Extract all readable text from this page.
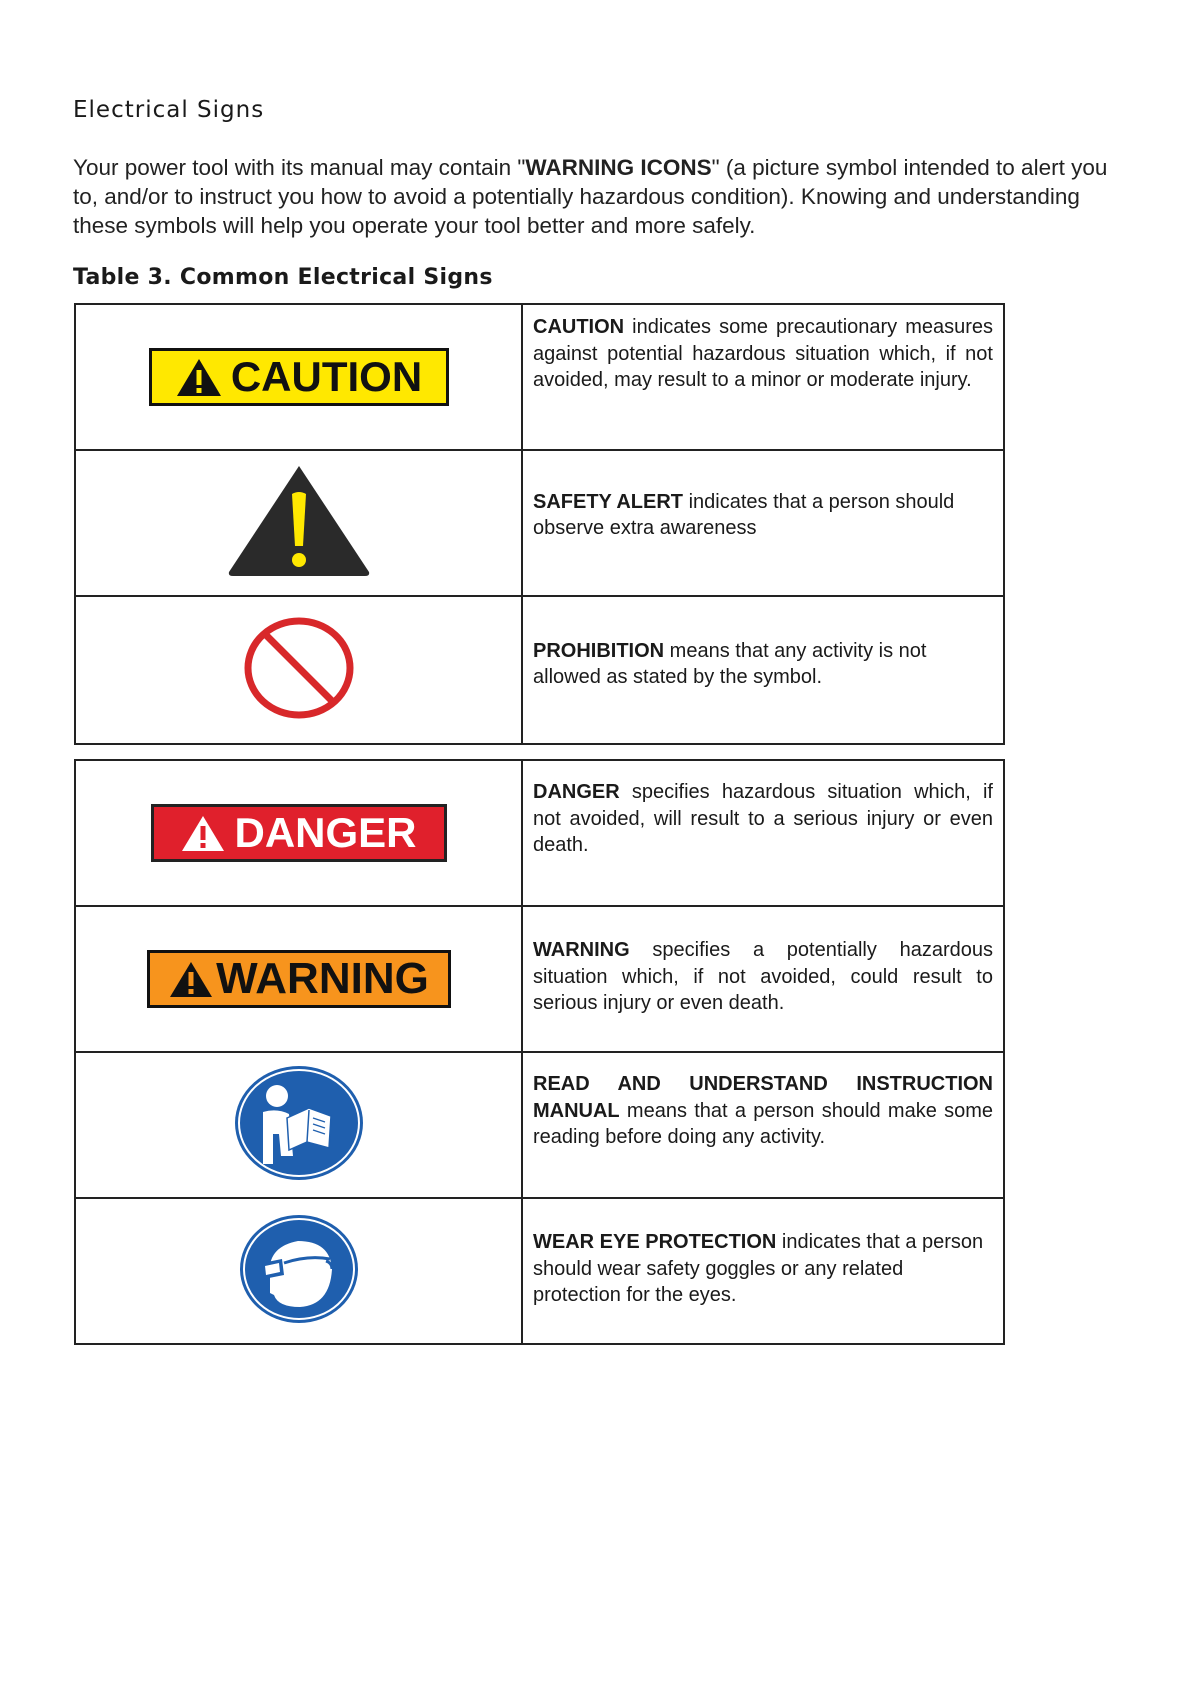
Electrical Signs

Your power tool with its manual may contain "WARNING ICONS" (a picture symbol intended to alert you to, and/or to instruct you how to avoid a potentially hazardous condition). Knowing and understanding these symbols will help you operate your tool better and more safely.

Table 3. Common Electrical Signs

CAUTION	CAUTION indicates some precautionary measures against potential hazardous situation which, if not avoided, may result to a minor or moderate injury.

SAFETY ALERT indicates that a person should observe extra awareness

PROHIBITION means that any activity is not allowed as stated by the symbol.
DANGER	DANGER specifies hazardous situation which, if not avoided, will result to a serious injury or even death.

WARNING	WARNING specifies a potentially hazardous situation which, if not avoided, could result to serious injury or even death.
	READ AND UNDERSTAND INSTRUCTION MANUAL means that a person should make some reading before doing any activity.
	WEAR EYE PROTECTION indicates that a person should wear safety goggles or any related protection for the eyes.
